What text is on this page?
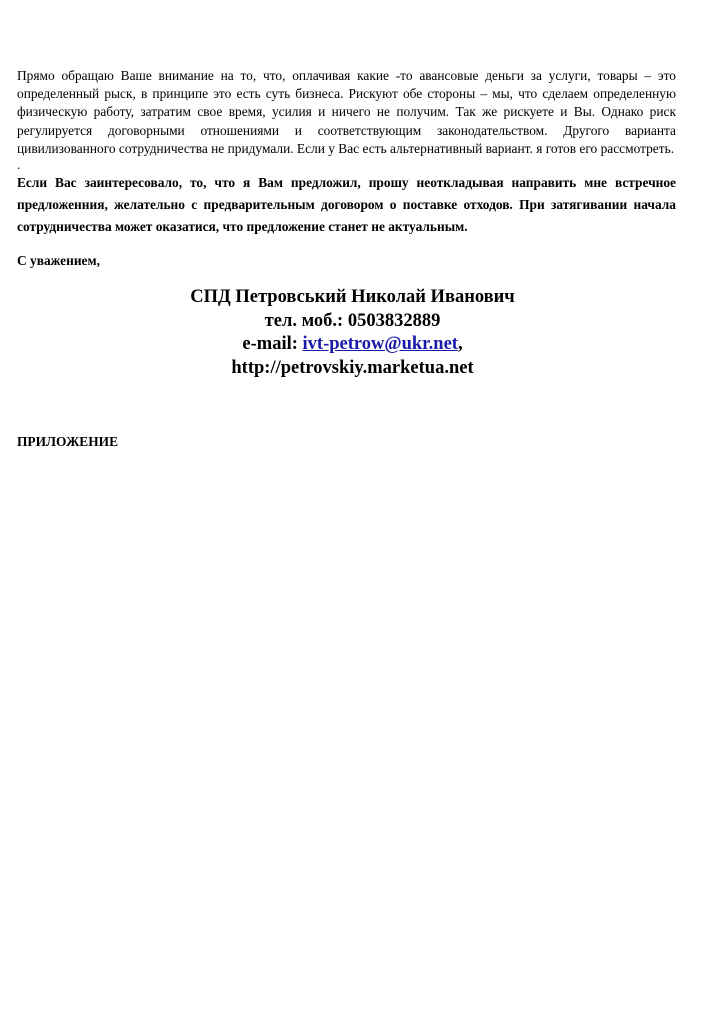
Прямо обращаю Ваше внимание на то, что, оплачивая какие -то авансовые деньги за услуги, товары – это определенный рыск, в принципе это есть суть бизнеса. Рискуют обе стороны – мы, что сделаем определенную физическую работу, затратим свое время, усилия и ничего не получим. Так же рискуете и Вы. Однако риск регулируется договорными отношениями и соответствующим законодательством. Другого варианта цивилизованного сотрудничества не придумали. Если у Вас есть альтернативный вариант. я готов его рассмотреть.

.

Если Вас заинтересовало, то, что я Вам предложил, прошу неоткладывая направить мне встречное предложенния, желательно с предварительным договором о поставке отходов. При затягивании начала сотрудничества может оказатися, что предложение станет не актуальным.

С уважением,

СПД Петровський Николай Иванович
тел. моб.: 0503832889
e-mail: ivt-petrow@ukr.net,
http://petrovskiy.marketua.net

ПРИЛОЖЕНИЕ
